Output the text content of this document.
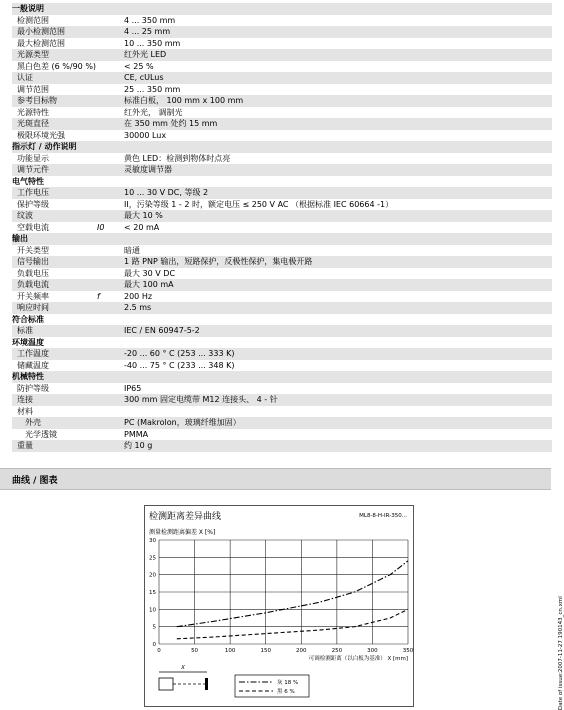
一般说明
检测范围	4 ... 350 mm
最小检测范围	4 ... 25 mm
最大检测范围	10 ... 350 mm
光源类型	红外光 LED
黑白色差 (6 %/90 %)	< 25 %
认证	CE, cULus
调节范围	25 ... 350 mm
参考目标物	标准白板， 100 mm x 100 mm
光源特性	红外光， 调制光
光斑直径	在 350 mm 处约 15 mm
极限环境光强	30000 Lux
指示灯 / 动作说明
功能显示	黄色 LED：检测到物体时点亮
调节元件	灵敏度调节器
电气特性
工作电压	10 ... 30 V DC, 等级 2
保护等级	II，污染等级 1 - 2 时，额定电压 ≤ 250 V AC （根据标准 IEC 60664 -1）
纹波	最大 10 %
空载电流	I0 < 20 mA
输出
开关类型	暗通
信号输出	1 路 PNP 输出，短路保护，反极性保护，集电极开路
负载电压	最大 30 V DC
负载电流	最大 100 mA
开关频率	f	200 Hz
响应时间	2.5 ms
符合标准
标准	IEC / EN 60947-5-2
环境温度
工作温度	-20 ... 60 ° C (253 ... 333 K)
储藏温度	-40 ... 75 ° C (233 ... 348 K)
机械特性
防护等级	IP65
连接	300 mm 固定电缆带 M12 连接头、 4 - 针
材料
外壳	PC (Makrolon，玻璃纤维加固）
光学透镜	PMMA
重量	约 10 g
曲线 / 图表
检测距离差异曲线	ML8-8-H-IR-350...
测量检测距离偏差 X [%]
0
5
10
15
20
25
30
0	50	100	150	200	250	300	350
可调检测距离（以白板为基准） X [mm]
X
灰 18 %
黑 6 %	Date of issue:2007-11-27 190143_cn.xml
